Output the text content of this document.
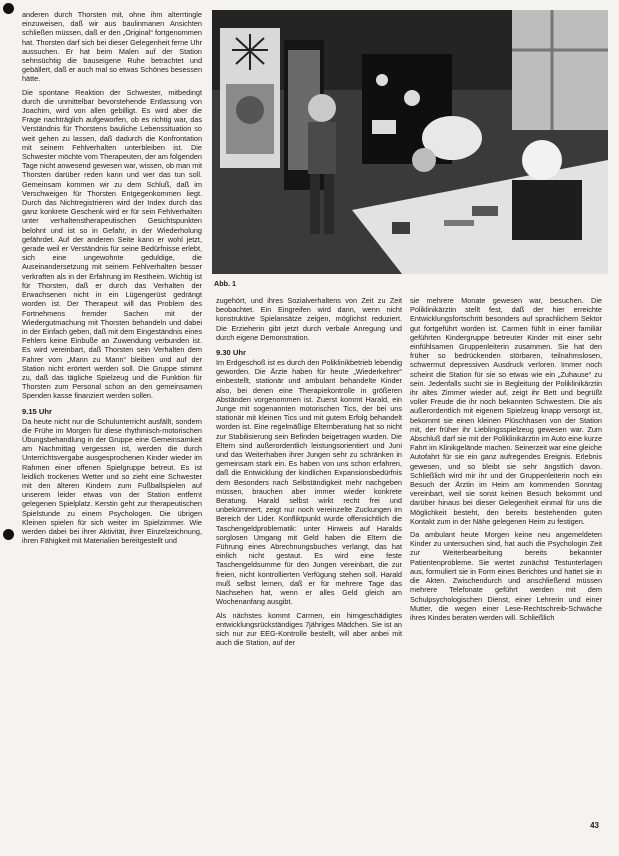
anderen durch Thorsten mit, ohne ihm alterrtingle einzuweisen, daß wir aus baulinmanen Ansichten schließen müssen, daß er den „Original“ fortgenommen hat. Thorsten darf sich bei dieser Gelegenheit ferne Uhr aussuchen. Er hat beim Malen auf der Station sehnsüchtig die bauseigene Ruhe betrachtet und gebällert, daß er auch mal so etwas Schönes besessen hätte.

Die spontane Reaktion der Schwester, mitbedingt durch die unmittelbar bevorstehende Entlassung von Joachim, wird von allen gebilligt. Es wird aber die Frage nachträglich aufgeworfen, ob es richtig war, das Verständnis für Thorstens bauliche Lebenssituation so weit gehen zu lassen, daß dadurch die Konfrontation mit seinem Fehlverhalten unterbleiben ist. Die Schwester möchte vom Therapeuten, der am folgenden Tage nicht anwesend gewesen war, wissen, ob man mit Thorsten darüber reden kann und wer das tun soll. Gemeinsam kommen wir zu dem Schluß, daß im Verschweigen für Thorsten Entgegenkommen liegt. Durch das Nichtregistrieren wird der Index durch das ganz konkrete Geschenk wird er für sein Fehlverhalten unter verhaltenstherapeutischen Gesichtspunkten belohnt und ist so in Gefahr, in der Wiederholung gefährdet. Auf der anderen Seite kann er wohl jetzt, gerade weil er Verständnis für seine Bedürfnisse erlebt, sich eine ungewohnte geduldige, die Auseinandersetzung mit seinem Fehlverhalten besser verkraften als in der Erfahrung im Restheim. Wichtig ist für Thorsten, daß er durch das Verhalten der Erwachsenen nicht in ein Lügengerüst gedrängt worden ist. Der Therapeut will das Problem des Fortnehmens fremder Sachen mit der Wiedergutmachung mit Thorsten behandeln und dabei in der Einfach geben, daß mit dem Eingeständnis eines Fehlers keine Einbuße an Zuwendung verbunden ist. Es wird vereinbart, daß Thorsten sein Verhalten dem Fahrer vom „Mann zu Mann“ bleiben und auf der Station nicht erörtert werden soll. Die Gruppe stimmt zu, daß das tägliche Spielzeug und die Funktion für Thorsten zum Personal schon an den gemeinsamen Spenden kasse finanziert werden sollen.

9.15 Uhr

Da heute nicht nur die Schulunterricht ausfällt, sondern die Frühe im Morgen für diese rhythmisch-motorischen Übungsbehandlung in der Gruppe eine Gemeinsamkeit am Nachmittag vergessen ist, werden die durch Unterrichtsvergabe ausgesprochenen Kinder wieder im Rahmen einer offenen Spielgruppe betreut. Es ist leidlich trockenes Wetter und so zieht eine Schwester mit den älteren Kindern zum Fußballspielen auf unserem leider etwas von der Station entfernt gelegenen Spielplatz. Kerstin geht zur therapeutischen Spielstunde zu einem Psychologen. Die übrigen Kleinen spielen für sich weiter im Spielzimmer. Wie werden dabei bei ihrer Aktivität, ihrer Einzelzeichnung, ihren Fähigkeit mit Materialien bereitgestellt und

Abb. 1

zugehört, und ihres Sozialverhaltens von Zeit zu Zeit beobachtet. Ein Eingreifen wird dann, wenn nicht konstruktive Spielansätze zeigen, möglichst reduziert. Die Erzieherin gibt jetzt durch verbale Anregung und durch eigene Demonstration.

9.30 Uhr

Im Erdgeschoß ist es durch den Poliklinikbetrieb lebendig geworden. Die Ärzte haben für heute „Wiederkehrer“ einbestellt, stationär und ambulant behandelte Kinder also, bei denen eine Therapiekontrolle in größeren Abständen vorgenommen ist. Zuerst kommt Harald, ein Junge mit sogenannten motorischen Tics, der bei uns stationär mit kleinen Tics und mit gutem Erfolg behandelt worden ist. Eine regelmäßige Elternberatung hat so nicht zur Stabilisierung sein Befinden beigetragen wurden. Die Eltern sind außerordentlich leistungsorientiert und Juni und das Weiterhaben ihrer Jungen sehr zu schränken in gemeinsam stark ein. Es haben von uns schon erfahren, daß die Entwicklung der kindlichen Expansionsbedürfnis dem Besonders nach Selbständigkeit mehr nachgeben müssen, brauchen aber immer wieder konkrete Beratung. Harald selbst wirkt recht frei und unbekümmert, zeigt nur noch vereinzelte Zuckungen im Bereich der Lider. Konfliktpunkt wurde offensichtlich die Taschengeldproblematik: unter Hinweis auf Haralds sorglosen Umgang mit Geld haben die Eltern die Führung eines Abrechnungsbuches verlangt, das hat einlich nicht gestaut. Es wird eine feste Taschengeldsumme für den Jungen vereinbart, die zur freien, nicht kontrollierten Verfügung stehen soll. Harald muß selbst lernen, daß er für mehrere Tage das Nachsehen hat, wenn er alles Geld gleich am Wochenanfang ausgibt.

Als nächstes kommt Carmen, ein hirngeschädigtes entwicklungsrückständiges 7jähriges Mädchen. Sie ist an sich nur zur EEG-Kontrolle bestellt, will aber anbei mit auch die Station, auf der

sie mehrere Monate gewesen war, besuchen. Die Poliklinikärztin stellt fest, daß der hier erreichte Entwicklungsfortschritt besonders auf sprachlichem Sektor gut fortgeführt worden ist. Carmen fühlt in einer familiär geführten Kindergruppe betreuter Kinder mit einer sehr einfühlsamen Gruppenleiterin zusammen. Sie hat den früher so bedrückenden störbaren, teilnahmslosen, schwermut depressiven Ausdruck verloren. Immer noch scheint die Station für sie so etwas wie ein „Zuhause“ zu sein. Jedenfalls sucht sie in Begleitung der Poliklinikärztin ihr altes Zimmer wieder auf, zeigt ihr Bett und begrüßt voller Freude die ihr noch bekannten Schwestern. Die als außerordentlich mit eigenem Spielzeug knapp versorgt ist, bekommt sie einen kleinen Plüschhasen von der Station mit, der früher ihr Lieblingsspielzeug gewesen war. Zum Abschluß darf sie mit der Poliklinikärztin im Auto eine kurze Fahrt im Klinikgelände machen. Seinerzeit war eine gleiche Autofahrt für sie ein ganz aufregendes Ereignis. Erlebnis gewesen, und so bleibt sie sehr ängstlich davon. Schließlich wird mir ihr und der Gruppenleiterin noch ein Besuch der Ärztin im Heim am kommenden Sonntag vereinbart, weil sie sonst keinen Besuch bekommt und darüber hinaus bei dieser Gelegenheit einmal für uns die Möglichkeit besteht, den bereits bestehenden guten Kontakt zum in der Nähe gelegenen Heim zu festigen.

Da ambulant heute Morgen keine neu angemeldeten Kinder zu untersuchen sind, hat auch die Psychologin Zeit zur Weiterbearbeitung bereits bekannter Patientenprobleme. Sie wertet zunächst Testunterlagen aus, formuliert sie in Form eines Berichtes und hattet sie in die Akten. Zwischendurch und anschließend müssen mehrere Telefonate geführt werden mit dem Schulpsychologischen Dienst, einer Lehrerin und einer Mutter, die wegen einer Lese-Rechtschreib-Schwäche ihres Kindes beraten werden will. Schließlich

43
